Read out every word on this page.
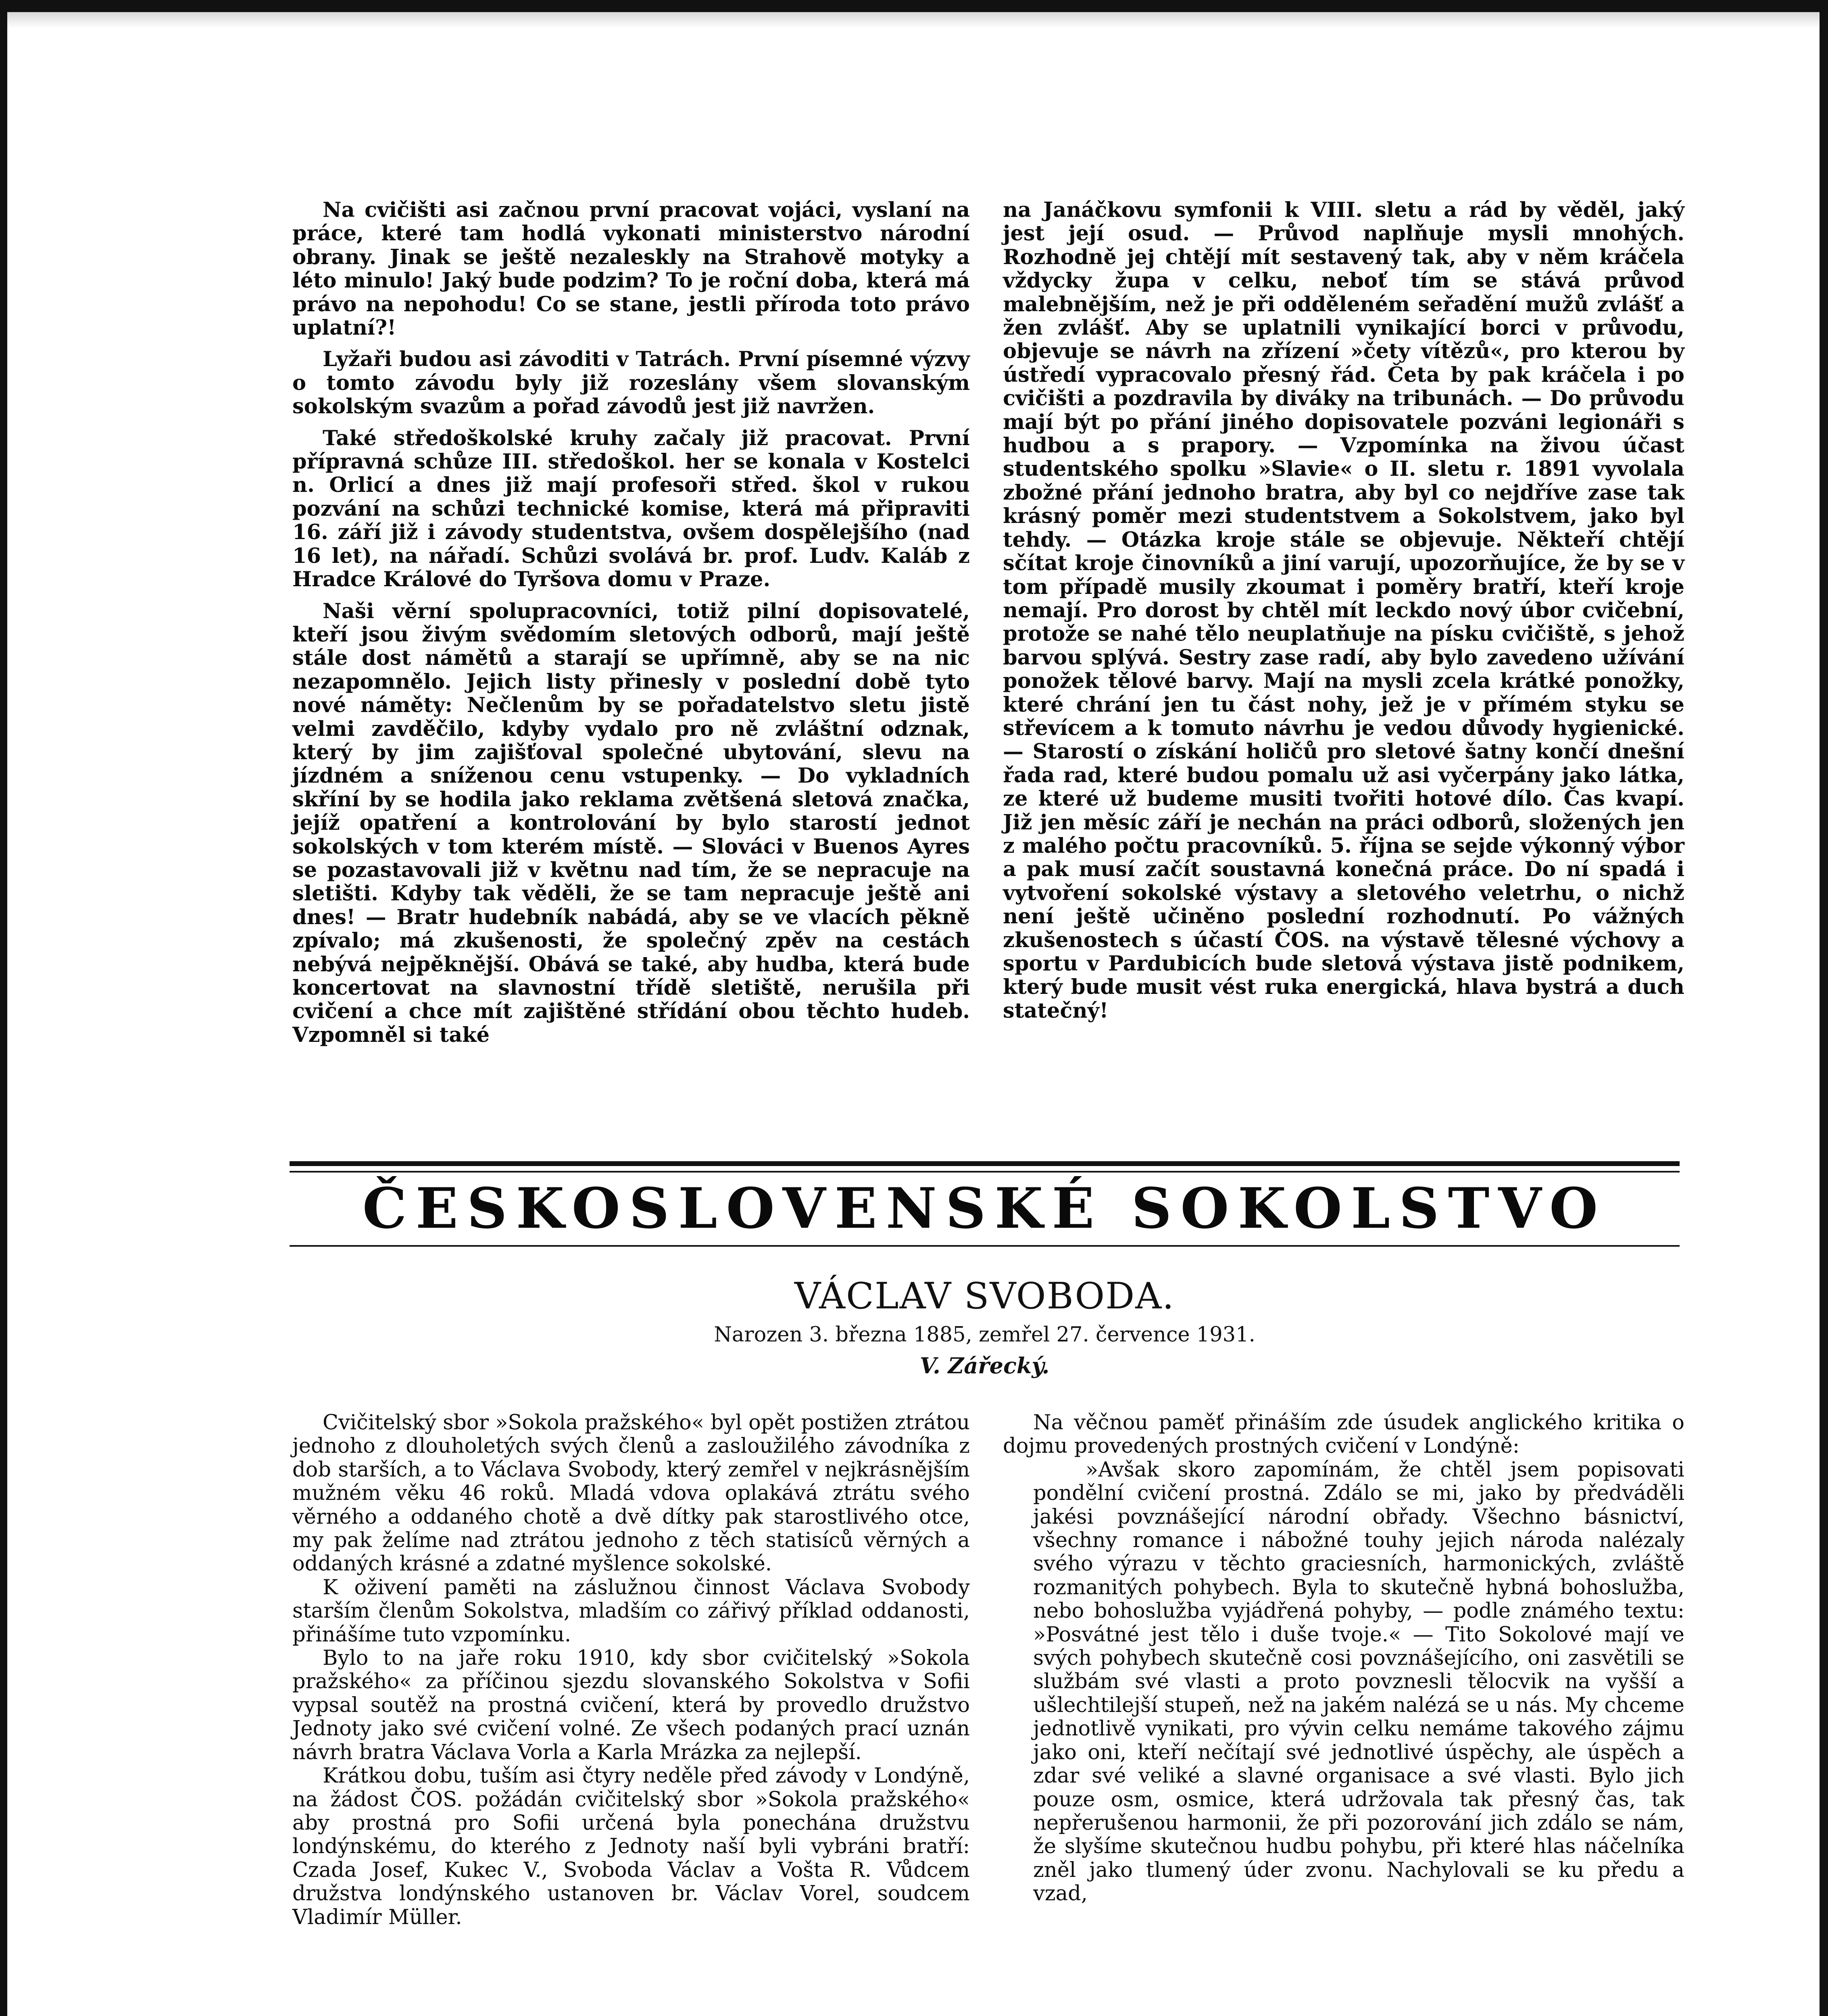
Na cvičišti asi začnou první pracovat vojáci, vyslaní na práce, které tam hodlá vykonati ministerstvo národní obrany. Jinak se ještě nezaleskly na Strahově motyky a léto minulo! Jaký bude podzim? To je roční doba, která má právo na nepohodu! Co se stane, jestli příroda toto právo uplatní?!

Lyžaři budou asi závoditi v Tatrách. První písemné výzvy o tomto závodu byly již rozeslány všem slovanským sokolským svazům a pořad závodů jest již navržen.

Také středoškolské kruhy začaly již pracovat. První přípravná schůze III. středoškol. her se konala v Kostelci n. Orlicí a dnes již mají profesoři střed. škol v rukou pozvání na schůzi technické komise, která má připraviti 16. září již i závody studentstva, ovšem dospělejšího (nad 16 let), na nářadí. Schůzi svolává br. prof. Ludv. Kaláb z Hradce Králové do Tyršova domu v Praze.

Naši věrní spolupracovníci, totiž pilní dopisovatelé, kteří jsou živým svědomím sletových odborů, mají ještě stále dost námětů a starají se upřímně, aby se na nic nezapomnělo. Jejich listy přinesly v poslední době tyto nové náměty: Nečlenům by se pořadatelstvo sletu jistě velmi zavděčilo, kdyby vydalo pro ně zvláštní odznak, který by jim zajišťoval společné ubytování, slevu na jízdném a sníženou cenu vstupenky. — Do vykladních skříní by se hodila jako reklama zvětšená sletová značka, jejíž opatření a kontrolování by bylo starostí jednot sokolských v tom kterém místě. — Slováci v Buenos Ayres se pozastavovali již v květnu nad tím, že se nepracuje na sletišti. Kdyby tak věděli, že se tam nepracuje ještě ani dnes! — Bratr hudebník nabádá, aby se ve vlacích pěkně zpívalo; má zkušenosti, že společný zpěv na cestách nebývá nejpěknější. Obává se také, aby hudba, která bude koncertovat na slavnostní třídě sletiště, nerušila při cvičení a chce mít zajištěné střídání obou těchto hudeb. Vzpomněl si také

na Janáčkovu symfonii k VIII. sletu a rád by věděl, jaký jest její osud. — Průvod naplňuje mysli mnohých. Rozhodně jej chtějí mít sestavený tak, aby v něm kráčela vždycky župa v celku, neboť tím se stává průvod malebnějším, než je při odděleném seřadění mužů zvlášť a žen zvlášť. Aby se uplatnili vynikající borci v průvodu, objevuje se návrh na zřízení »čety vítězů«, pro kterou by ústředí vypracovalo přesný řád. Četa by pak kráčela i po cvičišti a pozdravila by diváky na tribunách. — Do průvodu mají být po přání jiného dopisovatele pozváni legionáři s hudbou a s prapory. — Vzpomínka na živou účast studentského spolku »Slavie« o II. sletu r. 1891 vyvolala zbožné přání jednoho bratra, aby byl co nejdříve zase tak krásný poměr mezi studentstvem a Sokolstvem, jako byl tehdy. — Otázka kroje stále se objevuje. Někteří chtějí sčítat kroje činovníků a jiní varují, upozorňujíce, že by se v tom případě musily zkoumat i poměry bratří, kteří kroje nemají. Pro dorost by chtěl mít leckdo nový úbor cvičební, protože se nahé tělo neuplatňuje na písku cvičiště, s jehož barvou splývá. Sestry zase radí, aby bylo zavedeno užívání ponožek tělové barvy. Mají na mysli zcela krátké ponožky, které chrání jen tu část nohy, jež je v přímém styku se střevícem a k tomuto návrhu je vedou důvody hygienické. — Starostí o získání holičů pro sletové šatny končí dnešní řada rad, které budou pomalu už asi vyčerpány jako látka, ze které už budeme musiti tvořiti hotové dílo. Čas kvapí. Již jen měsíc září je nechán na práci odborů, složených jen z malého počtu pracovníků. 5. října se sejde výkonný výbor a pak musí začít soustavná konečná práce. Do ní spadá i vytvoření sokolské výstavy a sletového veletrhu, o nichž není ještě učiněno poslední rozhodnutí. Po vážných zkušenostech s účastí ČOS. na výstavě tělesné výchovy a sportu v Pardubicích bude sletová výstava jistě podnikem, který bude musit vést ruka energická, hlava bystrá a duch statečný!

ČESKOSLOVENSKÉ SOKOLSTVO
VÁCLAV SVOBODA.
Narozen 3. března 1885, zemřel 27. července 1931.
V. Zářecký.

Cvičitelský sbor »Sokola pražského« byl opět postižen ztrátou jednoho z dlouholetých svých členů a zasloužilého závodníka z dob starších, a to Václava Svobody, který zemřel v nejkrásnějším mužném věku 46 roků. Mladá vdova oplakává ztrátu svého věrného a oddaného chotě a dvě dítky pak starostlivého otce, my pak želíme nad ztrátou jednoho z těch statisíců věrných a oddaných krásné a zdatné myšlence sokolské.

K oživení paměti na záslužnou činnost Václava Svobody starším členům Sokolstva, mladším co zářivý příklad oddanosti, přinášíme tuto vzpomínku.

Bylo to na jaře roku 1910, kdy sbor cvičitelský »Sokola pražského« za příčinou sjezdu slovanského Sokolstva v Sofii vypsal soutěž na prostná cvičení, která by provedlo družstvo Jednoty jako své cvičení volné. Ze všech podaných prací uznán návrh bratra Václava Vorla a Karla Mrázka za nejlepší.

Krátkou dobu, tuším asi čtyry neděle před závody v Londýně, na žádost ČOS. požádán cvičitelský sbor »Sokola pražského« aby prostná pro Sofii určená byla ponechána družstvu londýnskému, do kterého z Jednoty naší byli vybráni bratří: Czada Josef, Kukec V., Svoboda Václav a Vošta R. Vůdcem družstva londýnského ustanoven br. Václav Vorel, soudcem Vladimír Müller.

Na věčnou paměť přináším zde úsudek anglického kritika o dojmu provedených prostných cvičení v Londýně:

»Avšak skoro zapomínám, že chtěl jsem popisovati pondělní cvičení prostná. Zdálo se mi, jako by předváděli jakési povznášející národní obřady. Všechno básnictví, všechny romance i nábožné touhy jejich národa nalézaly svého výrazu v těchto graciesních, harmonických, zvláště rozmanitých pohybech. Byla to skutečně hybná bohoslužba, nebo bohoslužba vyjádřená pohyby, — podle známého textu: »Posvátné jest tělo i duše tvoje.« — Tito Sokolové mají ve svých pohybech skutečně cosi povznášejícího, oni zasvětili se službám své vlasti a proto povznesli tělocvik na vyšší a ušlechtilejší stupeň, než na jakém nalézá se u nás. My chceme jednotlivě vynikati, pro vývin celku nemáme takového zájmu jako oni, kteří nečítají své jednotlivé úspěchy, ale úspěch a zdar své veliké a slavné organisace a své vlasti. Bylo jich pouze osm, osmice, která udržovala tak přesný čas, tak nepřerušenou harmonii, že při pozorování jich zdálo se nám, že slyšíme skutečnou hudbu pohybu, při které hlas náčelníka zněl jako tlumený úder zvonu. Nachylovali se ku předu a vzad,
